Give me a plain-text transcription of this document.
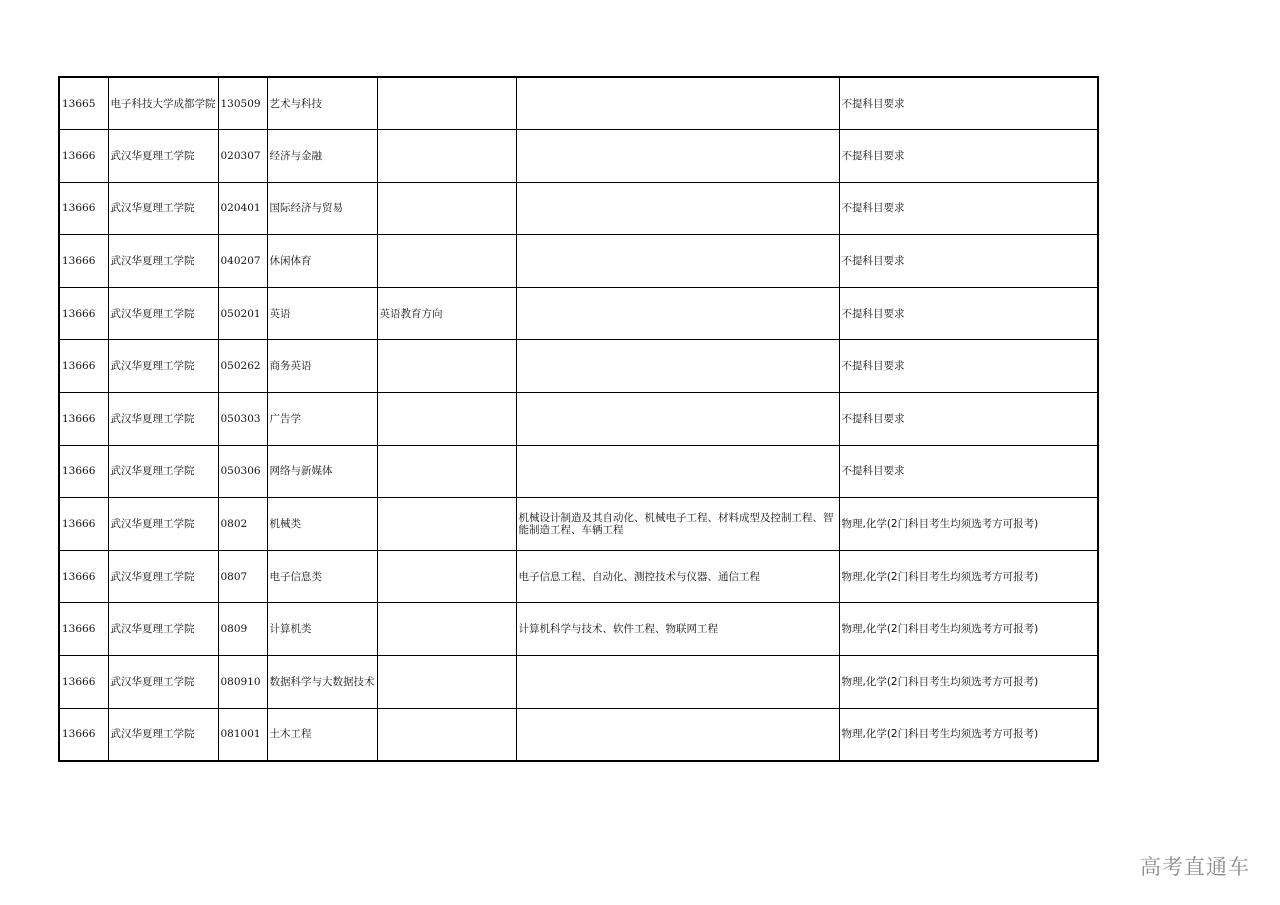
13665	电子科技大学成都学院	130509	艺术与科技			不提科目要求
13666	武汉华夏理工学院	020307	经济与金融			不提科目要求
13666	武汉华夏理工学院	020401	国际经济与贸易			不提科目要求
13666	武汉华夏理工学院	040207	休闲体育			不提科目要求
13666	武汉华夏理工学院	050201	英语	英语教育方向		不提科目要求
13666	武汉华夏理工学院	050262	商务英语			不提科目要求
13666	武汉华夏理工学院	050303	广告学			不提科目要求
13666	武汉华夏理工学院	050306	网络与新媒体			不提科目要求
13666	武汉华夏理工学院	0802	机械类		机械设计制造及其自动化、机械电子工程、材料成型及控制工程、智能制造工程、车辆工程	物理,化学(2门科目考生均须选考方可报考)
13666	武汉华夏理工学院	0807	电子信息类		电子信息工程、自动化、测控技术与仪器、通信工程	物理,化学(2门科目考生均须选考方可报考)
13666	武汉华夏理工学院	0809	计算机类		计算机科学与技术、软件工程、物联网工程	物理,化学(2门科目考生均须选考方可报考)
13666	武汉华夏理工学院	080910	数据科学与大数据技术			物理,化学(2门科目考生均须选考方可报考)
13666	武汉华夏理工学院	081001	土木工程			物理,化学(2门科目考生均须选考方可报考)
高考直通车
